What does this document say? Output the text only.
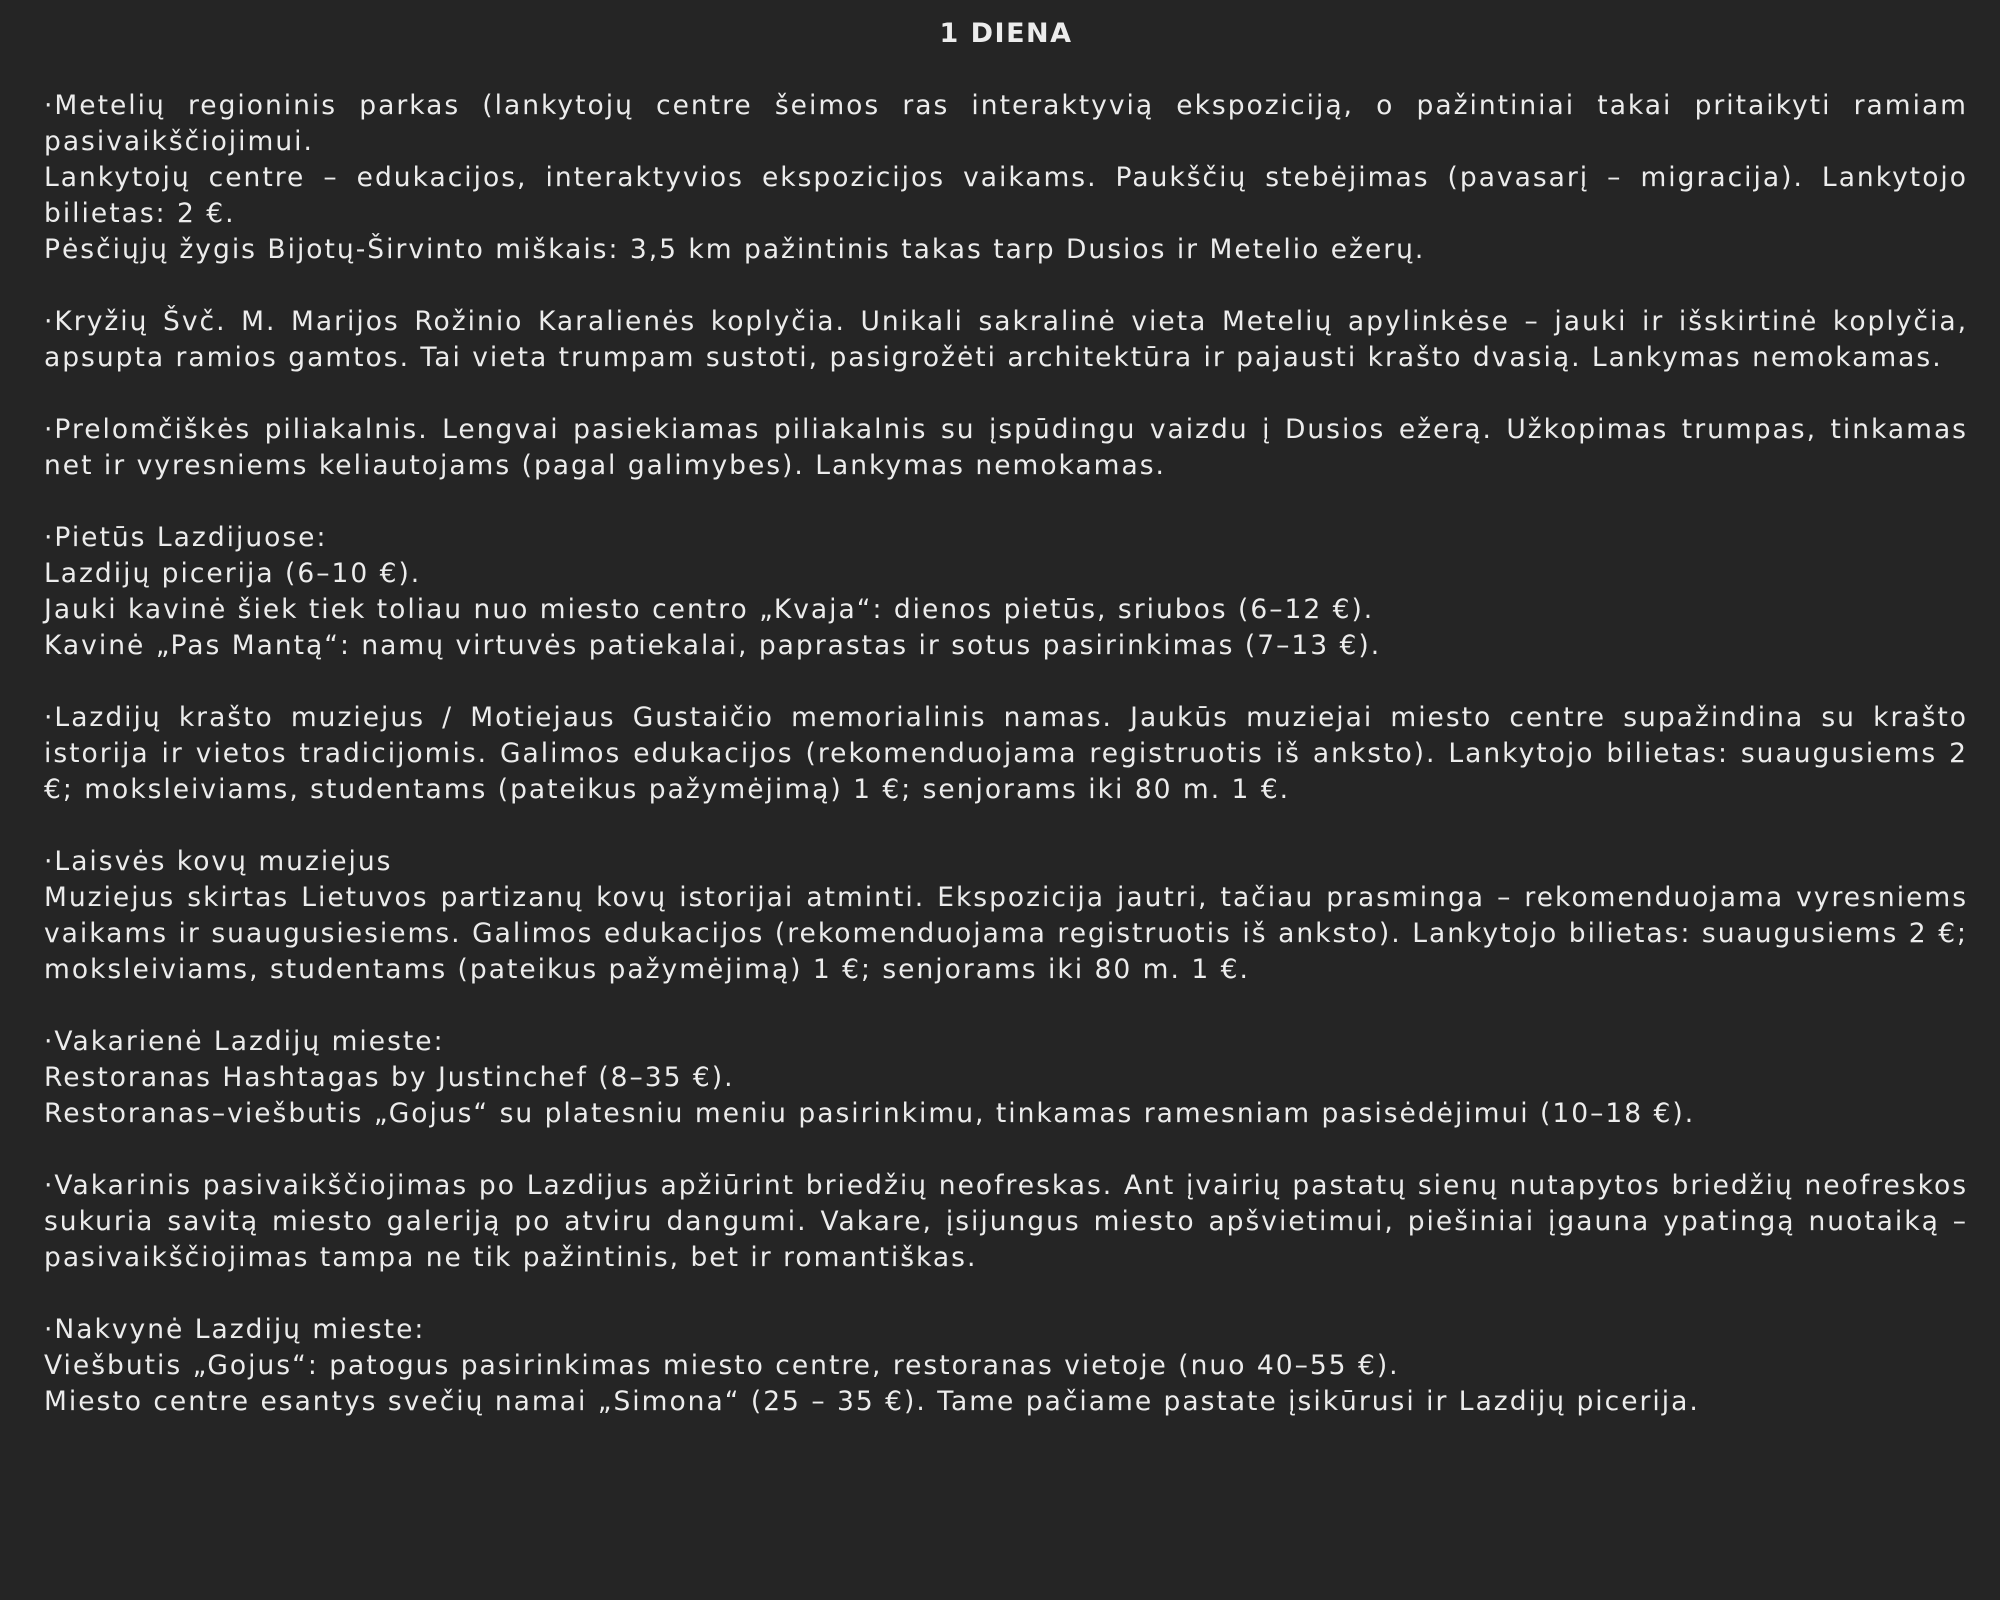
1 DIENA

·Metelių regioninis parkas (lankytojų centre šeimos ras interaktyvią ekspoziciją, o pažintiniai takai pritaikyti ramiam pasivaikščiojimui.

Lankytojų centre – edukacijos, interaktyvios ekspozicijos vaikams. Paukščių stebėjimas (pavasarį – migracija). Lankytojo bilietas: 2 €.

Pėsčiųjų žygis Bijotų-Širvinto miškais: 3,5 km pažintinis takas tarp Dusios ir Metelio ežerų.

·Kryžių Švč. M. Marijos Rožinio Karalienės koplyčia. Unikali sakralinė vieta Metelių apylinkėse – jauki ir išskirtinė koplyčia, apsupta ramios gamtos. Tai vieta trumpam sustoti, pasigrožėti architektūra ir pajausti krašto dvasią. Lankymas nemokamas.

·Prelomčiškės piliakalnis. Lengvai pasiekiamas piliakalnis su įspūdingu vaizdu į Dusios ežerą. Užkopimas trumpas, tinkamas net ir vyresniems keliautojams (pagal galimybes). Lankymas nemokamas.

·Pietūs Lazdijuose:

Lazdijų picerija (6–10 €).

Jauki kavinė šiek tiek toliau nuo miesto centro „Kvaja“: dienos pietūs, sriubos (6–12 €).

Kavinė „Pas Mantą“: namų virtuvės patiekalai, paprastas ir sotus pasirinkimas (7–13 €).

·Lazdijų krašto muziejus / Motiejaus Gustaičio memorialinis namas. Jaukūs muziejai miesto centre supažindina su krašto istorija ir vietos tradicijomis. Galimos edukacijos (rekomenduojama registruotis iš anksto). Lankytojo bilietas: suaugusiems 2 €; moksleiviams, studentams (pateikus pažymėjimą) 1 €; senjorams iki 80 m. 1 €.

·Laisvės kovų muziejus

Muziejus skirtas Lietuvos partizanų kovų istorijai atminti. Ekspozicija jautri, tačiau prasminga – rekomenduojama vyresniems vaikams ir suaugusiesiems. Galimos edukacijos (rekomenduojama registruotis iš anksto). Lankytojo bilietas: suaugusiems 2 €; moksleiviams, studentams (pateikus pažymėjimą) 1 €; senjorams iki 80 m. 1 €.

·Vakarienė Lazdijų mieste:

Restoranas Hashtagas by Justinchef (8–35 €).

Restoranas–viešbutis „Gojus“ su platesniu meniu pasirinkimu, tinkamas ramesniam pasisėdėjimui (10–18 €).

·Vakarinis pasivaikščiojimas po Lazdijus apžiūrint briedžių neofreskas. Ant įvairių pastatų sienų nutapytos briedžių neofreskos sukuria savitą miesto galeriją po atviru dangumi. Vakare, įsijungus miesto apšvietimui, piešiniai įgauna ypatingą nuotaiką – pasivaikščiojimas tampa ne tik pažintinis, bet ir romantiškas.

·Nakvynė Lazdijų mieste:

Viešbutis „Gojus“: patogus pasirinkimas miesto centre, restoranas vietoje (nuo 40–55 €).

Miesto centre esantys svečių namai „Simona“ (25 – 35 €). Tame pačiame pastate įsikūrusi ir Lazdijų picerija.
